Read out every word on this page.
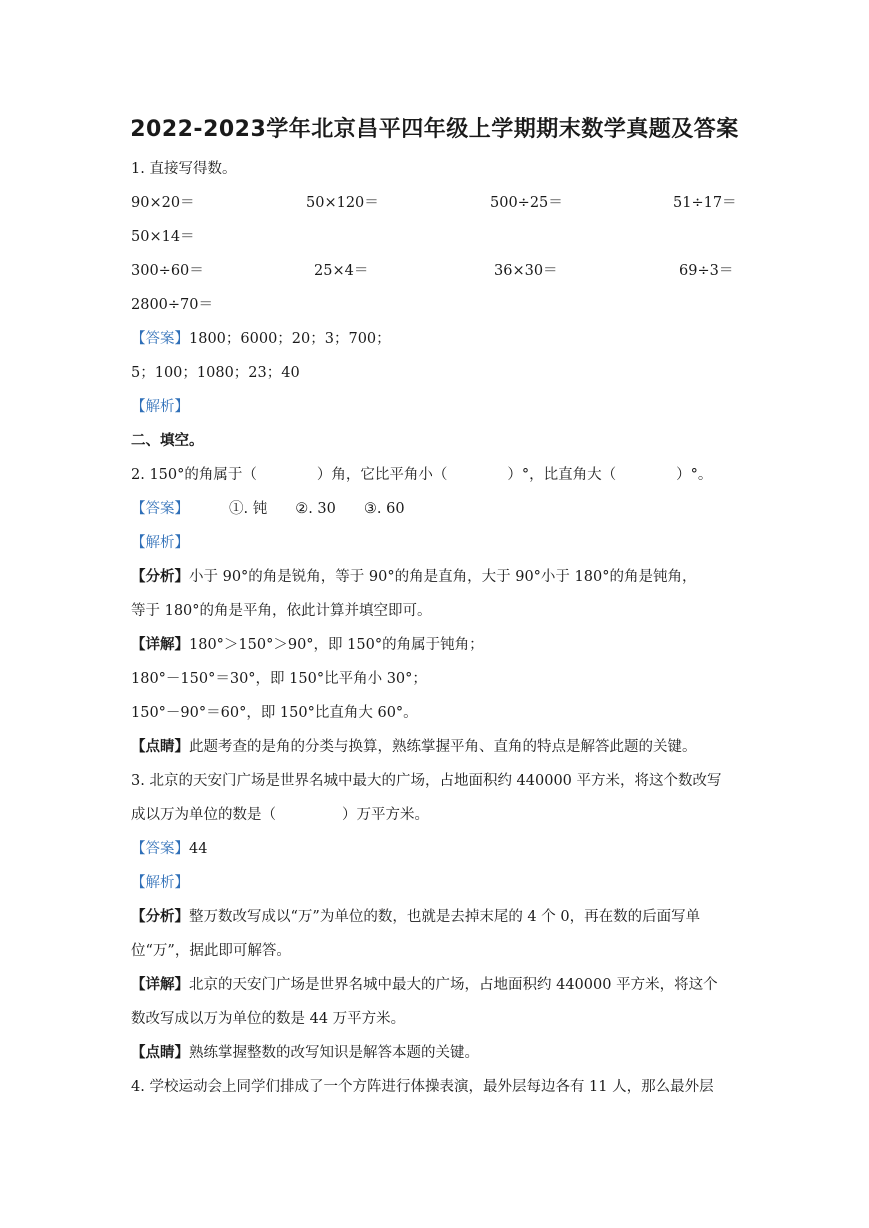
2022-2023学年北京昌平四年级上学期期末数学真题及答案
1. 直接写得数。
90×20＝	50×120＝	500÷25＝	51÷17＝
50×14＝
300÷60＝	25×4＝	36×30＝	69÷3＝
2800÷70＝
【答案】1800；6000；20；3；700；
5；100；1080；23；40
【解析】
二、填空。
2. 150°的角属于（	）角，它比平角小（	）°，比直角大（	）°。
【答案】	①. 钝 ②. 30 ③. 60
【解析】
【分析】小于 90°的角是锐角，等于 90°的角是直角，大于 90°小于 180°的角是钝角，
等于 180°的角是平角，依此计算并填空即可。
【详解】180°＞150°＞90°，即 150°的角属于钝角；
180°－150°＝30°，即 150°比平角小 30°；
150°－90°＝60°，即 150°比直角大 60°。
【点睛】此题考查的是角的分类与换算，熟练掌握平角、直角的特点是解答此题的关键。
3. 北京的天安门广场是世界名城中最大的广场，占地面积约 440000 平方米，将这个数改写
成以万为单位的数是（	）万平方米。
【答案】44
【解析】
【分析】整万数改写成以“万”为单位的数，也就是去掉末尾的 4 个 0，再在数的后面写单
位“万”，据此即可解答。
【详解】北京的天安门广场是世界名城中最大的广场，占地面积约 440000 平方米，将这个
数改写成以万为单位的数是 44 万平方米。
【点睛】熟练掌握整数的改写知识是解答本题的关键。
4. 学校运动会上同学们排成了一个方阵进行体操表演，最外层每边各有 11 人，那么最外层
